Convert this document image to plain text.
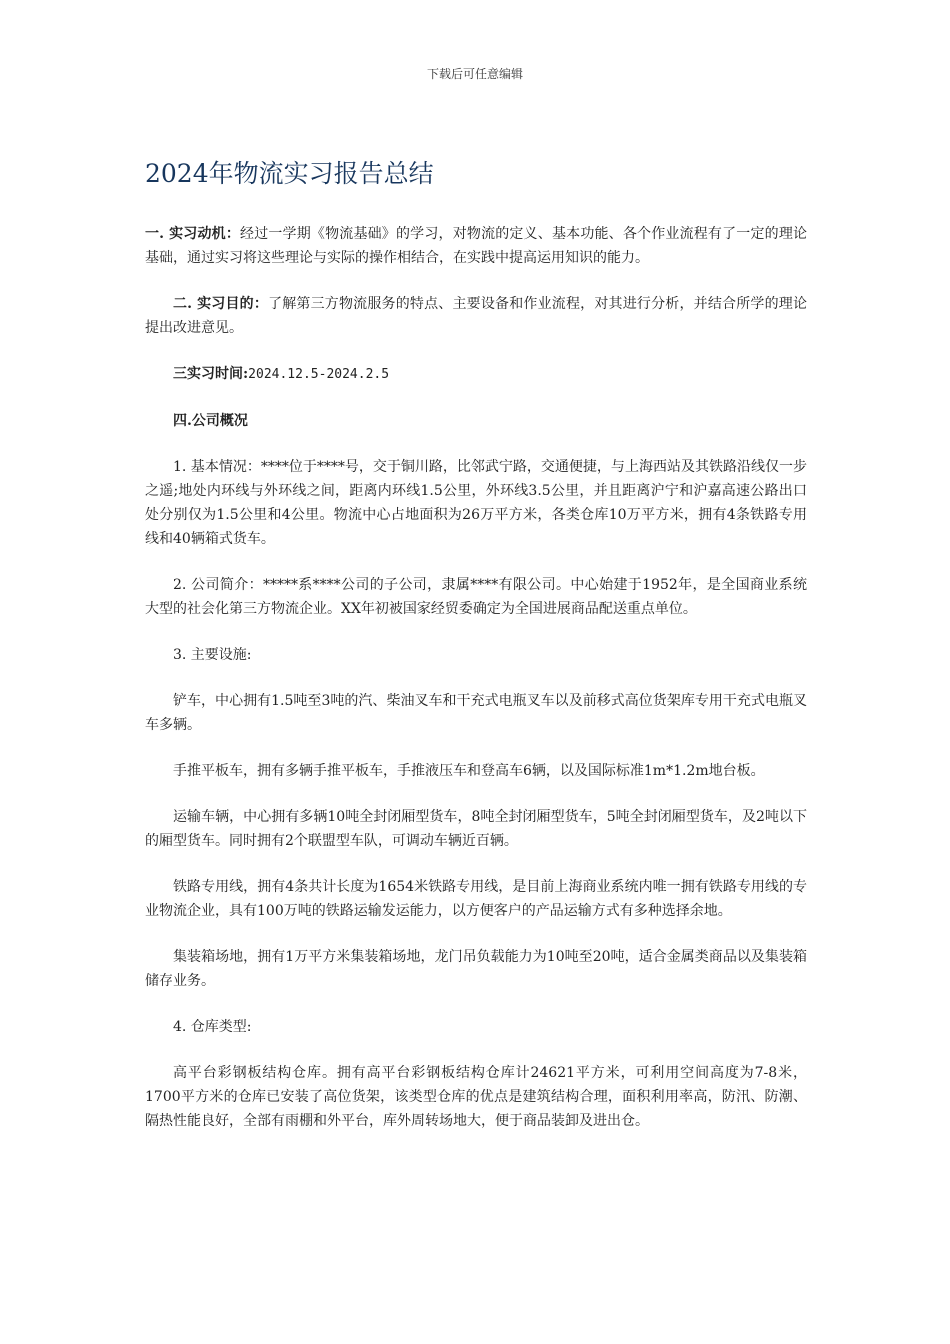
下载后可任意编辑
2024年物流实习报告总结

一. 实习动机：经过一学期《物流基础》的学习，对物流的定义、基本功能、各个作业流程有了一定的理论基础，通过实习将这些理论与实际的操作相结合，在实践中提高运用知识的能力。

二. 实习目的：了解第三方物流服务的特点、主要设备和作业流程，对其进行分析，并结合所学的理论提出改进意见。

三实习时间:2024.12.5-2024.2.5

四.公司概况

1. 基本情况：****位于****号，交于铜川路，比邻武宁路，交通便捷，与上海西站及其铁路沿线仅一步之遥;地处内环线与外环线之间，距离内环线1.5公里，外环线3.5公里，并且距离沪宁和沪嘉高速公路出口处分别仅为1.5公里和4公里。物流中心占地面积为26万平方米，各类仓库10万平方米，拥有4条铁路专用线和40辆箱式货车。

2. 公司简介：*****系****公司的子公司，隶属****有限公司。中心始建于1952年，是全国商业系统大型的社会化第三方物流企业。XX年初被国家经贸委确定为全国进展商品配送重点单位。

3. 主要设施:

铲车，中心拥有1.5吨至3吨的汽、柴油叉车和干充式电瓶叉车以及前移式高位货架库专用干充式电瓶叉车多辆。

手推平板车，拥有多辆手推平板车，手推液压车和登高车6辆，以及国际标准1m*1.2m地台板。

运输车辆，中心拥有多辆10吨全封闭厢型货车，8吨全封闭厢型货车，5吨全封闭厢型货车，及2吨以下的厢型货车。同时拥有2个联盟型车队，可调动车辆近百辆。

铁路专用线，拥有4条共计长度为1654米铁路专用线，是目前上海商业系统内唯一拥有铁路专用线的专业物流企业，具有100万吨的铁路运输发运能力，以方便客户的产品运输方式有多种选择余地。

集装箱场地，拥有1万平方米集装箱场地，龙门吊负载能力为10吨至20吨，适合金属类商品以及集装箱储存业务。

4. 仓库类型:

高平台彩钢板结构仓库。拥有高平台彩钢板结构仓库计24621平方米，可利用空间高度为7-8米， 1700平方米的仓库已安装了高位货架，该类型仓库的优点是建筑结构合理，面积利用率高，防汛、防潮、隔热性能良好，全部有雨棚和外平台，库外周转场地大，便于商品装卸及进出仓。
